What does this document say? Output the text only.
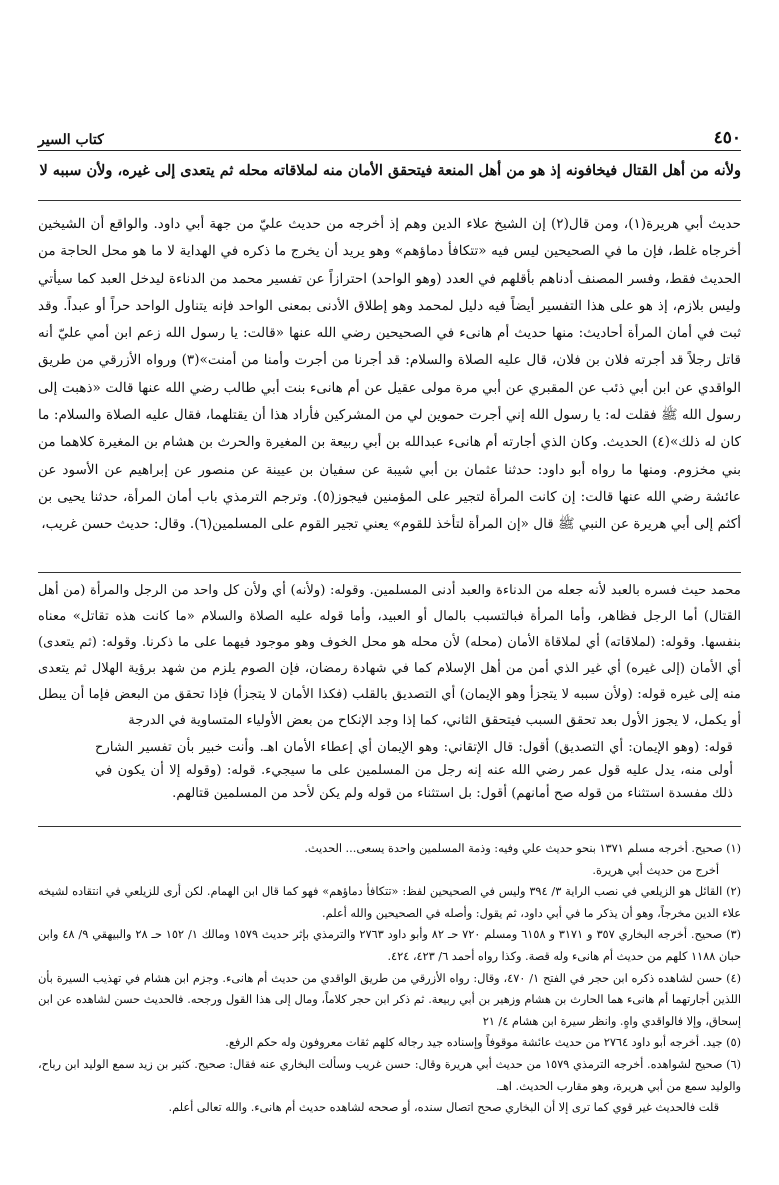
٤٥٠
كتاب السير
ولأنه من أهل القتال فيخافونه إذ هو من أهل المنعة فيتحقق الأمان منه لملاقاته محله ثم يتعدى إلى غيره، ولأن سببه لا
حديث أبي هريرة(١)، ومن قال(٢) إن الشيخ علاء الدين وهم إذ أخرجه من حديث عليّ من جهة أبي داود. والواقع أن الشيخين أخرجاه غلط، فإن ما في الصحيحين ليس فيه «تتكافأ دماؤهم» وهو يريد أن يخرج ما ذكره في الهداية لا ما هو محل الحاجة من الحديث فقط، وفسر المصنف أدناهم بأقلهم في العدد (وهو الواحد) احترازاً عن تفسير محمد من الدناءة ليدخل العبد كما سيأتي وليس بلازم، إذ هو على هذا التفسير أيضاً فيه دليل لمحمد وهو إطلاق الأدنى بمعنى الواحد فإنه يتناول الواحد حراً أو عبداً. وقد ثبت في أمان المرأة أحاديث: منها حديث أم هانىء في الصحيحين رضي الله عنها «قالت: يا رسول الله زعم ابن أمي عليّ أنه قاتل رجلاً قد أجرته فلان بن فلان، قال عليه الصلاة والسلام: قد أجرنا من أجرت وأمنا من أمنت»(٣) ورواه الأزرقي من طريق الواقدي عن ابن أبي ذئب عن المقبري عن أبي مرة مولى عقيل عن أم هانىء بنت أبي طالب رضي الله عنها قالت «ذهبت إلى رسول الله ﷺ فقلت له: يا رسول الله إني أجرت حموين لي من المشركين فأراد هذا أن يقتلهما، فقال عليه الصلاة والسلام: ما كان له ذلك»(٤) الحديث. وكان الذي أجارته أم هانىء عبدالله بن أبي ربيعة بن المغيرة والحرث بن هشام بن المغيرة كلاهما من بني مخزوم. ومنها ما رواه أبو داود: حدثنا عثمان بن أبي شيبة عن سفيان بن عيينة عن منصور عن إبراهيم عن الأسود عن عائشة رضي الله عنها قالت: إن كانت المرأة لتجير على المؤمنين فيجوز(٥). وترجم الترمذي باب أمان المرأة، حدثنا يحيى بن أكثم إلى أبي هريرة عن النبي ﷺ قال «إن المرأة لتأخذ للقوم» يعني تجير القوم على المسلمين(٦). وقال: حديث حسن غريب،
محمد حيث فسره بالعبد لأنه جعله من الدناءة والعبد أدنى المسلمين. وقوله: (ولأنه) أي ولأن كل واحد من الرجل والمرأة (من أهل القتال) أما الرجل فظاهر، وأما المرأة فبالتسبب بالمال أو العبيد، وأما قوله عليه الصلاة والسلام «ما كانت هذه تقاتل» معناه بنفسها. وقوله: (لملاقاته) أي لملاقاة الأمان (محله) لأن محله هو محل الخوف وهو موجود فيهما على ما ذكرنا. وقوله: (ثم يتعدى) أي الأمان (إلى غيره) أي غير الذي أمن من أهل الإسلام كما في شهادة رمضان، فإن الصوم يلزم من شهد برؤية الهلال ثم يتعدى منه إلى غيره قوله: (ولأن سببه لا يتجزأ وهو الإيمان) أي التصديق بالقلب (فكذا الأمان لا يتجزأ) فإذا تحقق من البعض فإما أن يبطل أو يكمل، لا يجوز الأول بعد تحقق السبب فيتحقق الثاني، كما إذا وجد الإنكاح من بعض الأولياء المتساوية في الدرجة
قوله: (وهو الإيمان: أي التصديق) أقول: قال الإتقاني: وهو الإيمان أي إعطاء الأمان اهـ. وأنت خبير بأن تفسير الشارح أولى منه، يدل عليه قول عمر رضي الله عنه إنه رجل من المسلمين على ما سيجيء. قوله: (وقوله إلا أن يكون في ذلك مفسدة استثناء من قوله صح أمانهم) أقول: بل استثناء من قوله ولم يكن لأحد من المسلمين قتالهم.

(١) صحيح. أخرجه مسلم ١٣٧١ بنحو حديث علي وفيه: وذمة المسلمين واحدة يسعى... الحديث.

أخرج من حديث أبي هريرة.

(٢) القائل هو الزيلعي في نصب الراية ٣/ ٣٩٤ وليس في الصحيحين لفظ: «تتكافأ دماؤهم» فهو كما قال ابن الهمام. لكن أرى للزيلعي في انتقاده لشيخه علاء الدين مخرجاً، وهو أن يذكر ما في أبي داود، ثم يقول: وأصله في الصحيحين والله أعلم.

(٣) صحيح. أخرجه البخاري ٣٥٧ و ٣١٧١ و ٦١٥٨ ومسلم ٧٢٠ حـ ٨٢ وأبو داود ٢٧٦٣ والترمذي بإثر حديث ١٥٧٩ ومالك ١/ ١٥٢ حـ ٢٨ والبيهقي ٩/ ٤٨ وابن حبان ١١٨٨ كلهم من حديث أم هانىء وله قصة. وكذا رواه أحمد ٦/ ٤٢٣، ٤٢٤.

(٤) حسن لشاهده ذكره ابن حجر في الفتح ١/ ٤٧٠، وقال: رواه الأزرقي من طريق الواقدي من حديث أم هانىء. وجزم ابن هشام في تهذيب السيرة بأن اللذين أجارتهما أم هانىء هما الحارث بن هشام وزهير بن أبي ربيعة. ثم ذكر ابن حجر كلاماً، ومال إلى هذا القول ورجحه. فالحديث حسن لشاهده عن ابن إسحاق، وإلا فالواقدي واهٍ. وانظر سيرة ابن هشام ٤/ ٢١

(٥) جيد. أخرجه أبو داود ٢٧٦٤ من حديث عائشة موقوفاً وإسناده جيد رجاله كلهم ثقات معروفون وله حكم الرفع.

(٦) صحيح لشواهده. أخرجه الترمذي ١٥٧٩ من حديث أبي هريرة وقال: حسن غريب وسألت البخاري عنه فقال: صحيح. كثير بن زيد سمع الوليد ابن رباح، والوليد سمع من أبي هريرة، وهو مقارب الحديث. اهـ.

قلت فالحديث غير قوي كما ترى إلا أن البخاري صحح اتصال سنده، أو صححه لشاهده حديث أم هانىء. والله تعالى أعلم.
